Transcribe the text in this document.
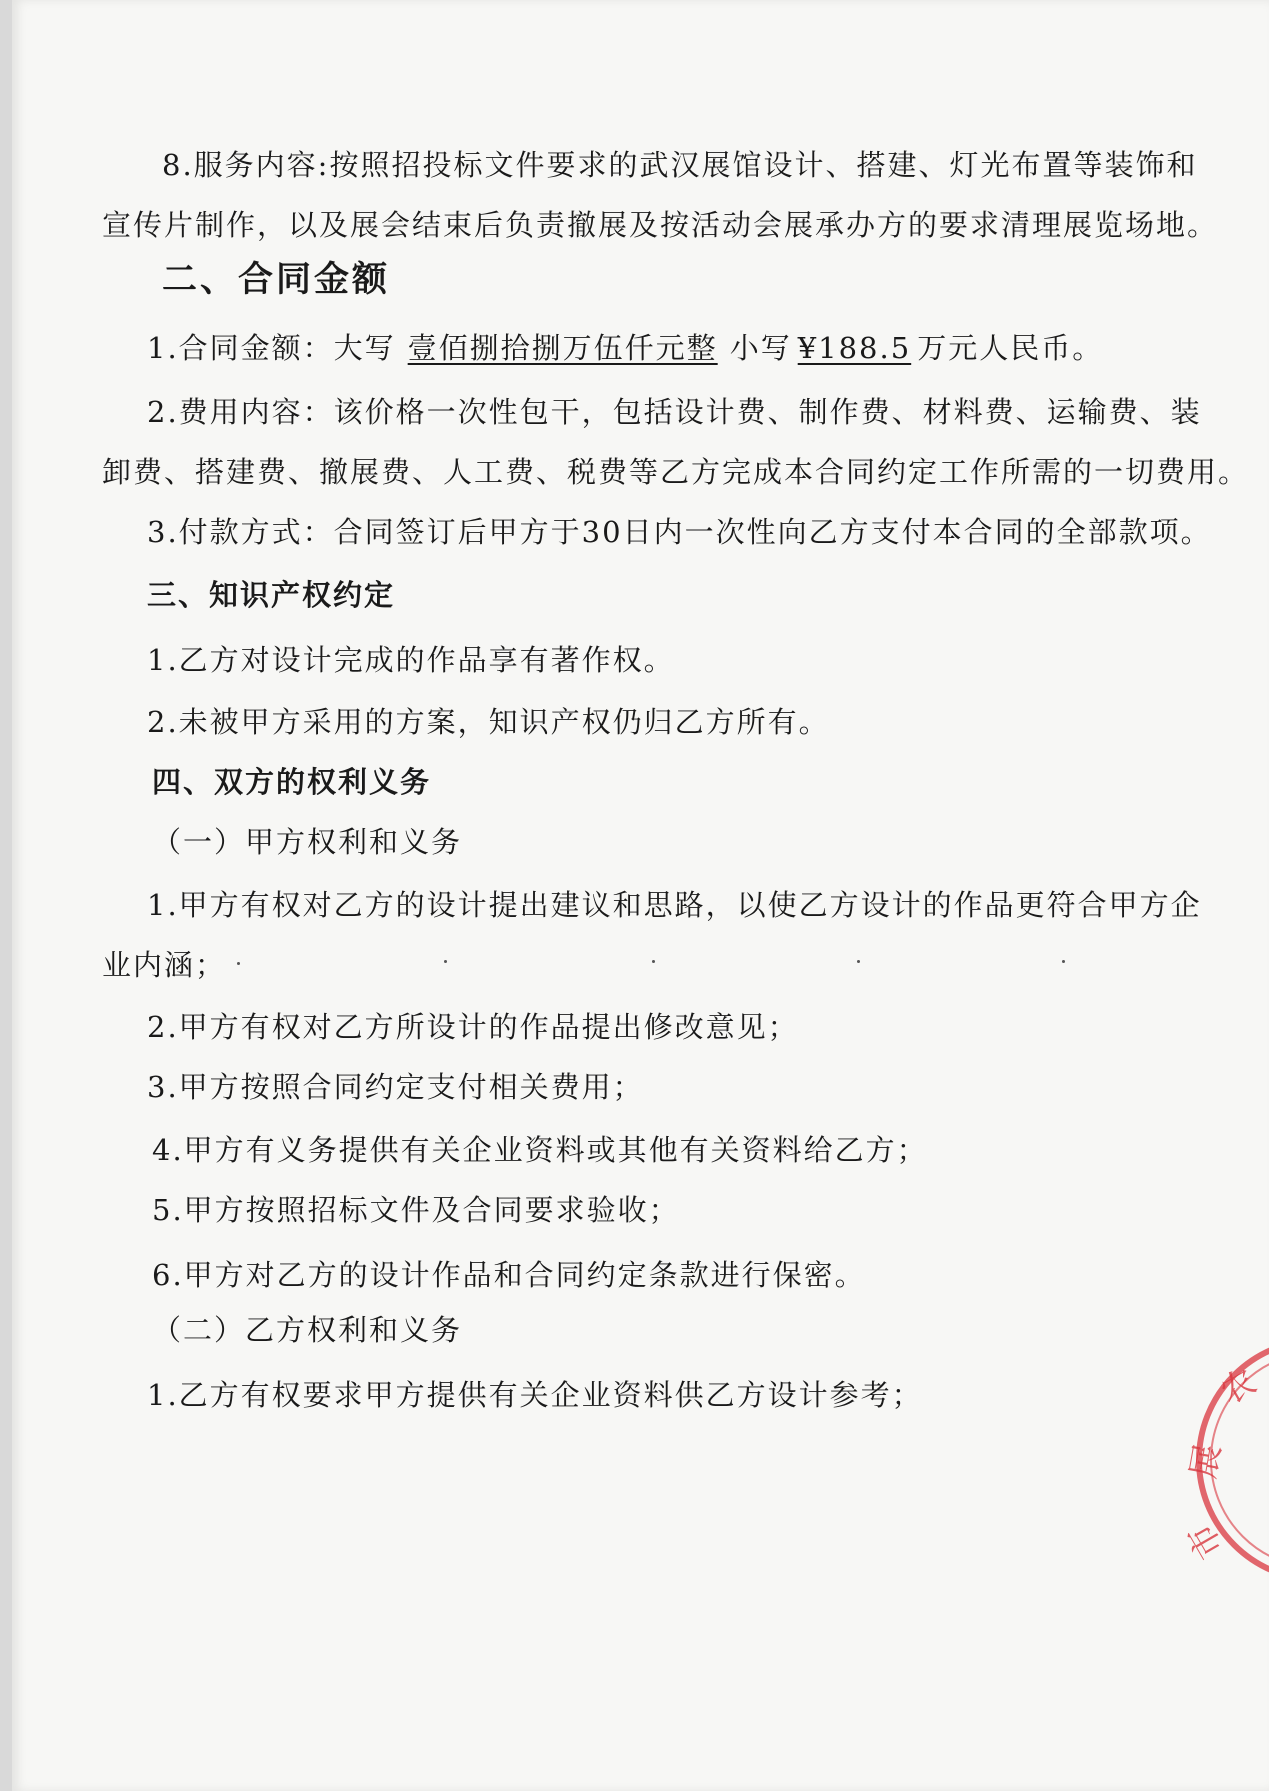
8.服务内容:按照招投标文件要求的武汉展馆设计、搭建、灯光布置等装饰和
宣传片制作，以及展会结束后负责撤展及按活动会展承办方的要求清理展览场地。
二、合同金额
1.合同金额：大写 壹佰捌拾捌万伍仟元整 小写 ¥188.5 万元人民币。
2.费用内容：该价格一次性包干，包括设计费、制作费、材料费、运输费、装
卸费、搭建费、撤展费、人工费、税费等乙方完成本合同约定工作所需的一切费用。
3.付款方式：合同签订后甲方于30日内一次性向乙方支付本合同的全部款项。
三、知识产权约定
1.乙方对设计完成的作品享有著作权。
2.未被甲方采用的方案，知识产权仍归乙方所有。
四、双方的权利义务
（一）甲方权利和义务
1.甲方有权对乙方的设计提出建议和思路，以使乙方设计的作品更符合甲方企
业内涵；
2.甲方有权对乙方所设计的作品提出修改意见；
3.甲方按照合同约定支付相关费用；
4.甲方有义务提供有关企业资料或其他有关资料给乙方；
5.甲方按照招标文件及合同要求验收；
6.甲方对乙方的设计作品和合同约定条款进行保密。
（二）乙方权利和义务
1.乙方有权要求甲方提供有关企业资料供乙方设计参考；	农
展
市
